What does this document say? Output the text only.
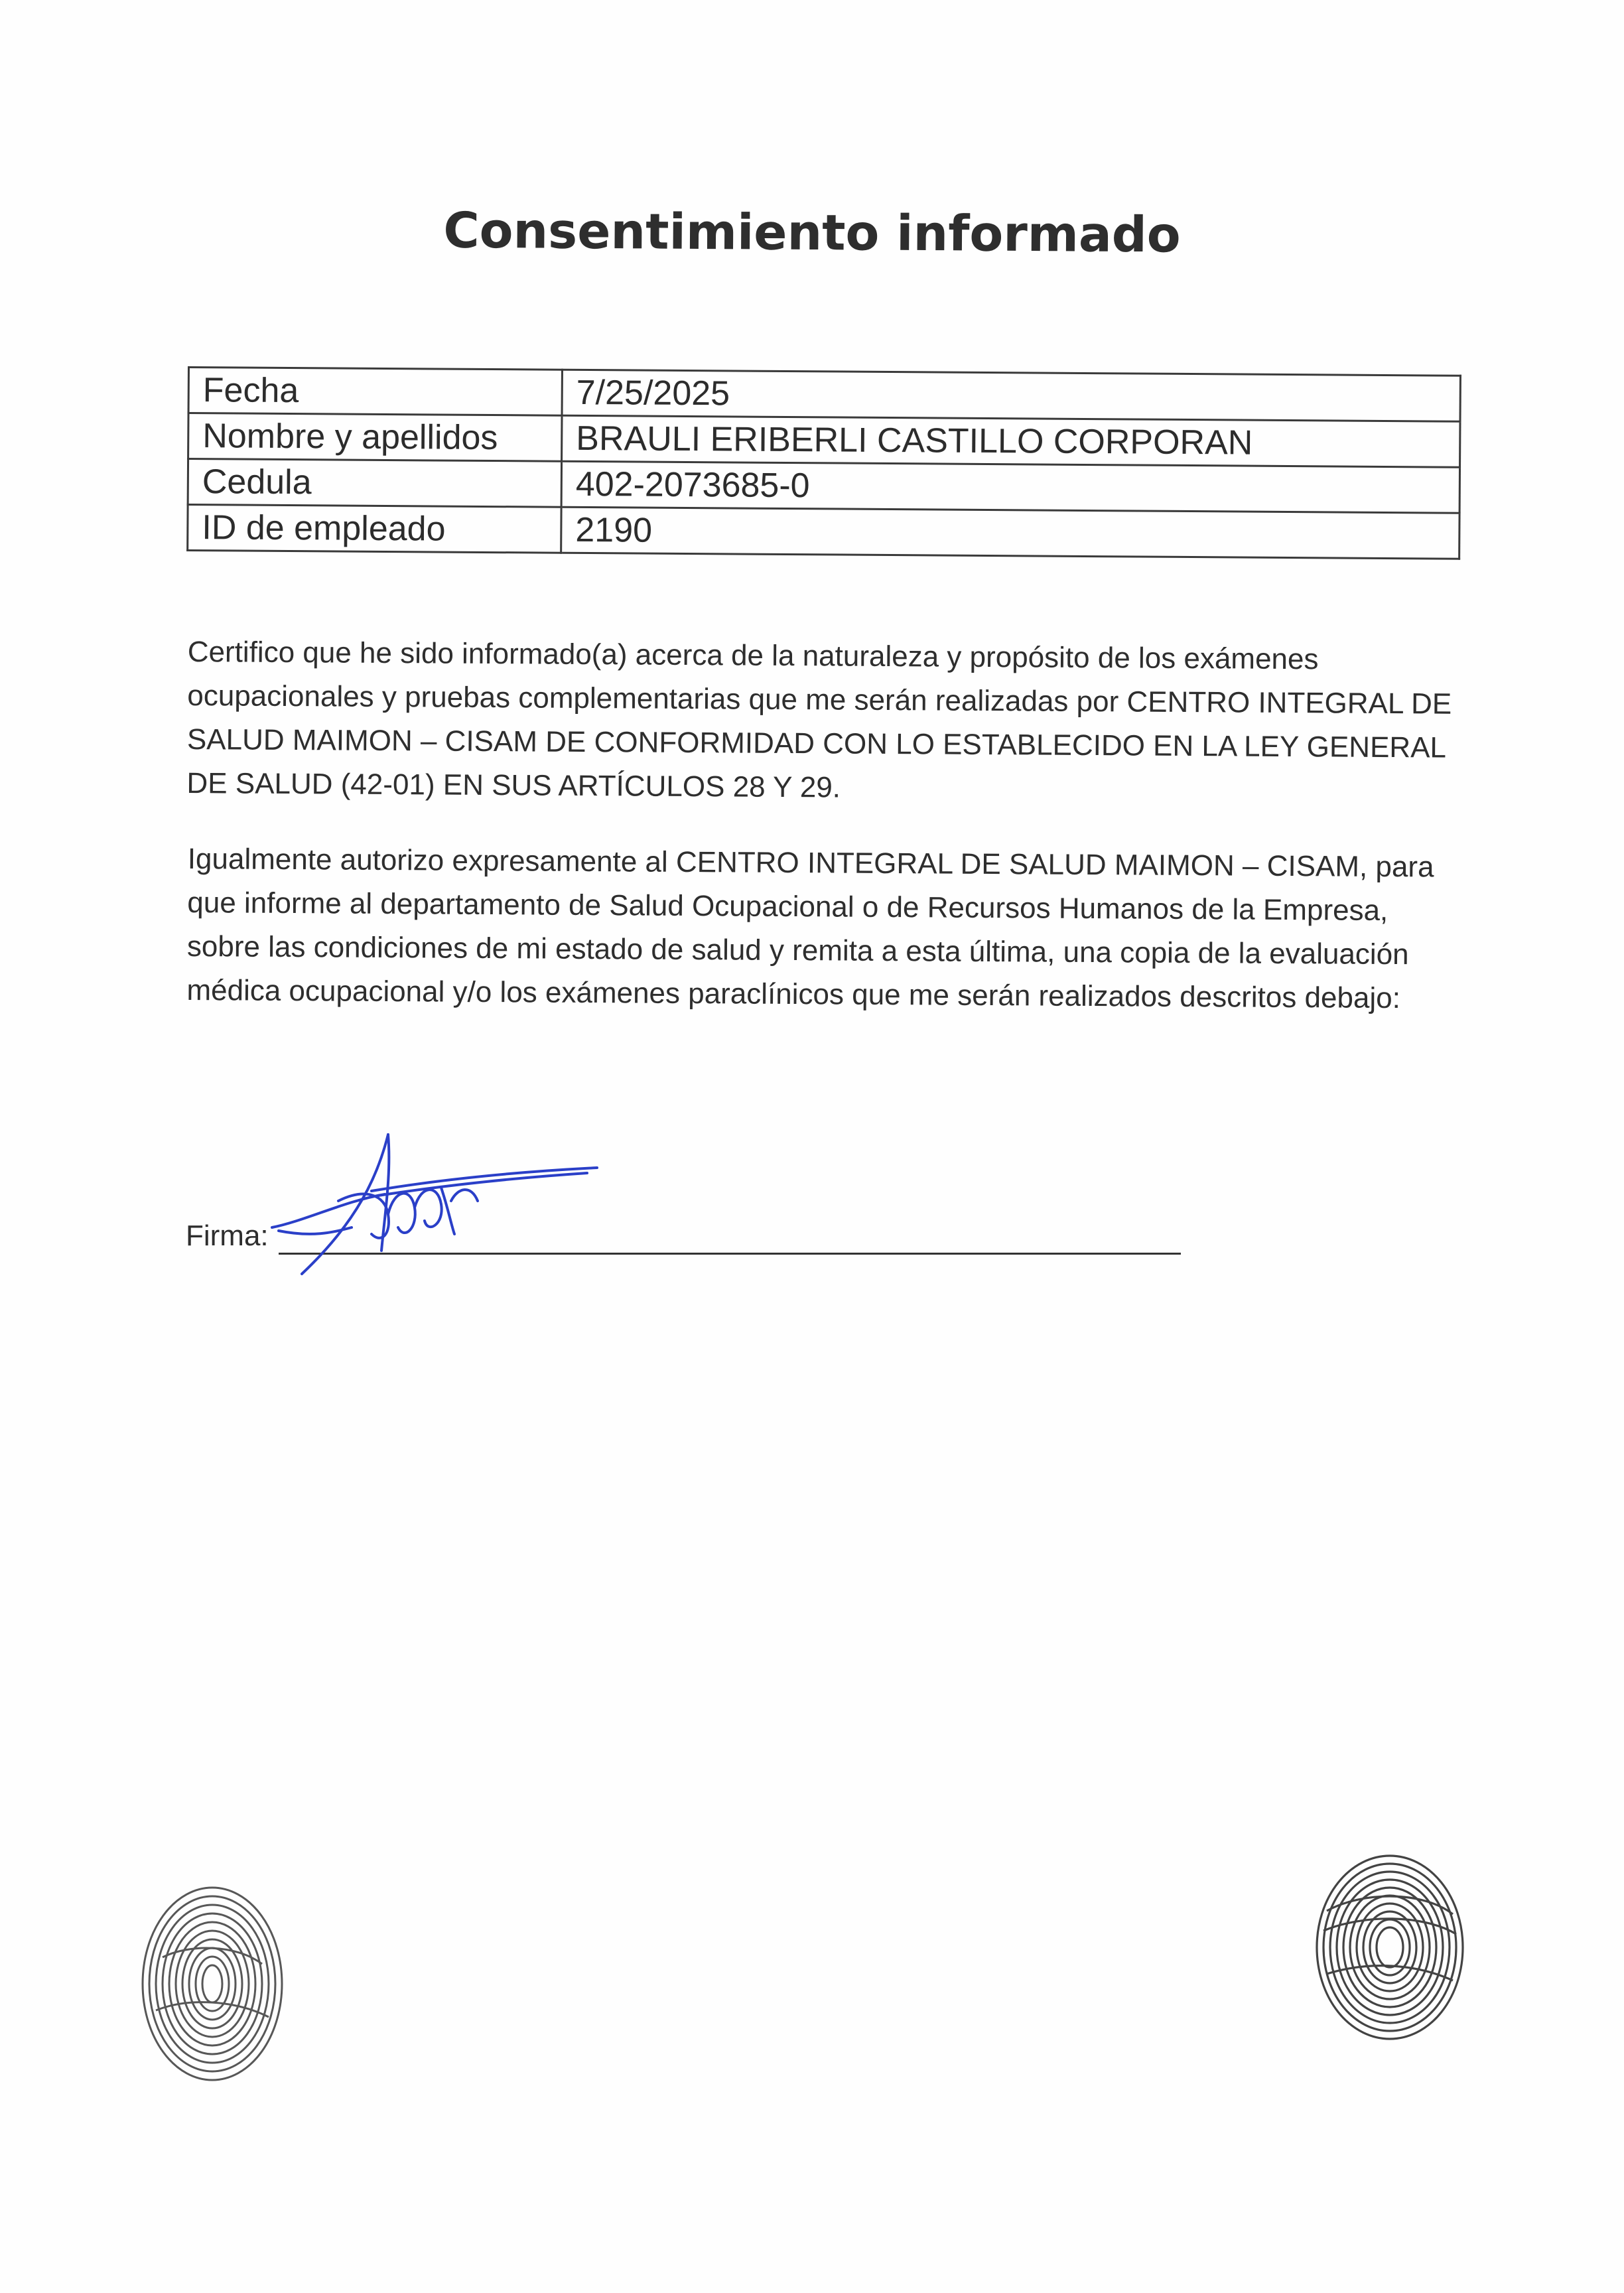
Consentimiento informado
Fecha	7/25/2025
Nombre y apellidos	BRAULI ERIBERLI CASTILLO CORPORAN
Cedula	402-2073685-0
ID de empleado	2190
Certifico que he sido informado(a) acerca de la naturaleza y propósito de los exámenes ocupacionales y pruebas complementarias que me serán realizadas por CENTRO INTEGRAL DE SALUD MAIMON – CISAM DE CONFORMIDAD CON LO ESTABLECIDO EN LA LEY GENERAL DE SALUD (42-01) EN SUS ARTÍCULOS 28 Y 29.
Igualmente autorizo expresamente al CENTRO INTEGRAL DE SALUD MAIMON – CISAM, para que informe al departamento de Salud Ocupacional o de Recursos Humanos de la Empresa, sobre las condiciones de mi estado de salud y remita a esta última, una copia de la evaluación médica ocupacional y/o los exámenes paraclínicos que me serán realizados descritos debajo:
Firma:
